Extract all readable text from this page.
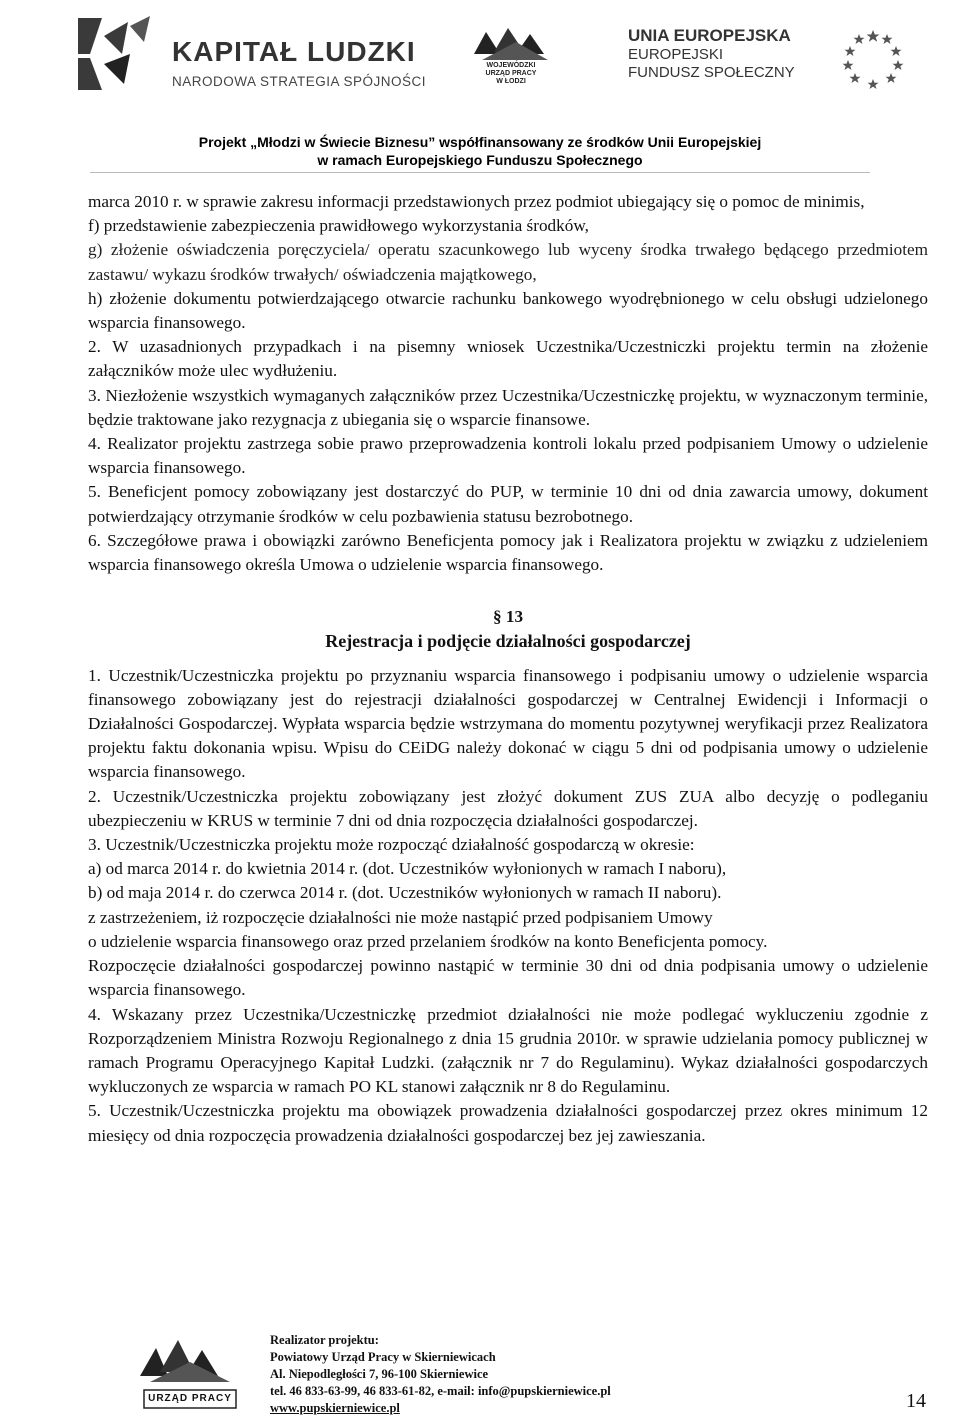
KAPITAŁ LUDZKI
NARODOWA STRATEGIA SPÓJNOŚCI
WOJEWÓDZKI
URZĄD PRACY
W ŁODZI
UNIA EUROPEJSKA
EUROPEJSKI
FUNDUSZ SPOŁECZNY
Projekt „Młodzi w Świecie Biznesu” współfinansowany ze środków Unii Europejskiej
w ramach Europejskiego Funduszu Społecznego

marca 2010 r. w sprawie zakresu informacji przedstawionych przez podmiot ubiegający się o pomoc de minimis,

f) przedstawienie zabezpieczenia prawidłowego wykorzystania środków,

g) złożenie oświadczenia poręczyciela/ operatu szacunkowego lub wyceny środka trwałego będącego przedmiotem zastawu/ wykazu środków trwałych/ oświadczenia majątkowego,

h) złożenie dokumentu potwierdzającego otwarcie rachunku bankowego wyodrębnionego w celu obsługi udzielonego wsparcia finansowego.

2. W uzasadnionych przypadkach i na pisemny wniosek Uczestnika/Uczestniczki projektu termin na złożenie załączników może ulec wydłużeniu.

3. Niezłożenie wszystkich wymaganych załączników przez Uczestnika/Uczestniczkę projektu, w wyznaczonym terminie, będzie traktowane jako rezygnacja z ubiegania się o wsparcie finansowe.

4. Realizator projektu zastrzega sobie prawo przeprowadzenia kontroli lokalu przed podpisaniem Umowy o udzielenie wsparcia finansowego.

5. Beneficjent pomocy zobowiązany jest dostarczyć do PUP, w terminie 10 dni od dnia zawarcia umowy, dokument potwierdzający otrzymanie środków w celu pozbawienia statusu bezrobotnego.

6. Szczegółowe prawa i obowiązki zarówno Beneficjenta pomocy jak i Realizatora projektu w związku z udzieleniem wsparcia finansowego określa Umowa o udzielenie wsparcia finansowego.

§ 13

Rejestracja i podjęcie działalności gospodarczej

1. Uczestnik/Uczestniczka projektu po przyznaniu wsparcia finansowego i podpisaniu umowy o udzielenie wsparcia finansowego zobowiązany jest do rejestracji działalności gospodarczej w Centralnej Ewidencji i Informacji o Działalności Gospodarczej. Wypłata wsparcia będzie wstrzymana do momentu pozytywnej weryfikacji przez Realizatora projektu faktu dokonania wpisu. Wpisu do CEiDG należy dokonać w ciągu 5 dni od podpisania umowy o udzielenie wsparcia finansowego.

2. Uczestnik/Uczestniczka projektu zobowiązany jest złożyć dokument ZUS ZUA albo decyzję o podleganiu ubezpieczeniu w KRUS w terminie 7 dni od dnia rozpoczęcia działalności gospodarczej.

3. Uczestnik/Uczestniczka projektu może rozpocząć działalność gospodarczą w okresie:

a) od marca 2014 r. do kwietnia 2014 r. (dot. Uczestników wyłonionych w ramach I naboru),

b) od maja 2014 r. do czerwca 2014 r. (dot. Uczestników wyłonionych w ramach II naboru).

z zastrzeżeniem, iż rozpoczęcie działalności nie może nastąpić przed podpisaniem Umowy

o udzielenie wsparcia finansowego oraz przed przelaniem środków na konto Beneficjenta pomocy.

Rozpoczęcie działalności gospodarczej powinno nastąpić w terminie 30 dni od dnia podpisania umowy o udzielenie wsparcia finansowego.

4. Wskazany przez Uczestnika/Uczestniczkę przedmiot działalności nie może podlegać wykluczeniu zgodnie z Rozporządzeniem Ministra Rozwoju Regionalnego z dnia 15 grudnia 2010r. w sprawie udzielania pomocy publicznej w ramach Programu Operacyjnego Kapitał Ludzki. (załącznik nr 7 do Regulaminu). Wykaz działalności gospodarczych wykluczonych ze wsparcia w ramach PO KL stanowi załącznik nr 8 do Regulaminu.

5. Uczestnik/Uczestniczka projektu ma obowiązek prowadzenia działalności gospodarczej przez okres minimum 12 miesięcy od dnia rozpoczęcia prowadzenia działalności gospodarczej bez jej zawieszania.

URZĄD PRACY
Realizator projektu:
Powiatowy Urząd Pracy w Skierniewicach
Al. Niepodległości 7, 96-100 Skierniewice
tel. 46 833-63-99, 46 833-61-82, e-mail: info@pupskierniewice.pl
www.pupskierniewice.pl	14
